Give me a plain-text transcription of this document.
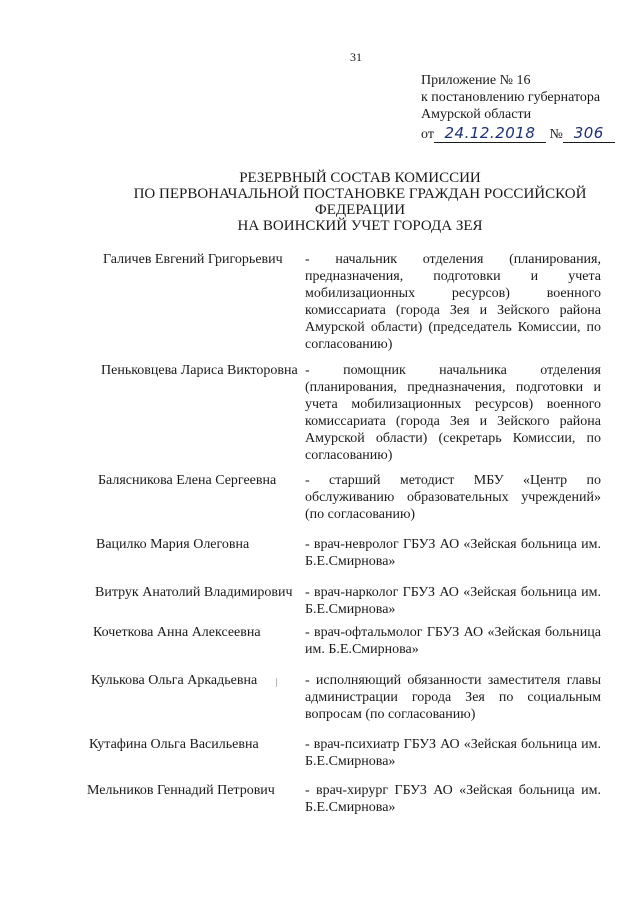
31
Приложение № 16
к постановлению губернатора
Амурской области
от 24.12.2018 № 306
РЕЗЕРВНЫЙ СОСТАВ КОМИССИИ
ПО ПЕРВОНАЧАЛЬНОЙ ПОСТАНОВКЕ ГРАЖДАН РОССИЙСКОЙ ФЕДЕРАЦИИ
НА ВОИНСКИЙ УЧЕТ ГОРОДА ЗЕЯ
Галичев Евгений Григорьевич - начальник отделения (планирования, предназначения, подготовки и учета мобилизационных ресурсов) военного комиссариата (города Зея и Зейского района Амурской области) (председатель Комиссии, по согласованию)
Пеньковцева Лариса Викторовна - помощник начальника отделения (планирования, предназначения, подготовки и учета мобилизационных ресурсов) военного комиссариата (города Зея и Зейского района Амурской области) (секретарь Комиссии, по согласованию)
Балясникова Елена Сергеевна - старший методист МБУ «Центр по обслуживанию образовательных учреждений» (по согласованию)
Вацилко Мария Олеговна	- врач-невролог ГБУЗ АО «Зейская больница им. Б.Е.Смирнова»
Витрук Анатолий Владимирович - врач-нарколог ГБУЗ АО «Зейская больница им. Б.Е.Смирнова»
Кочеткова Анна Алексеевна	- врач-офтальмолог ГБУЗ АО «Зейская больница им. Б.Е.Смирнова»
Кулькова Ольга Аркадьевна	- исполняющий обязанности заместителя главы администрации города Зея по социальным вопросам (по согласованию)
Кутафина Ольга Васильевна	- врач-психиатр ГБУЗ АО «Зейская больница им. Б.Е.Смирнова»
Мельников Геннадий Петрович - врач-хирург ГБУЗ АО «Зейская больница им. Б.Е.Смирнова»
